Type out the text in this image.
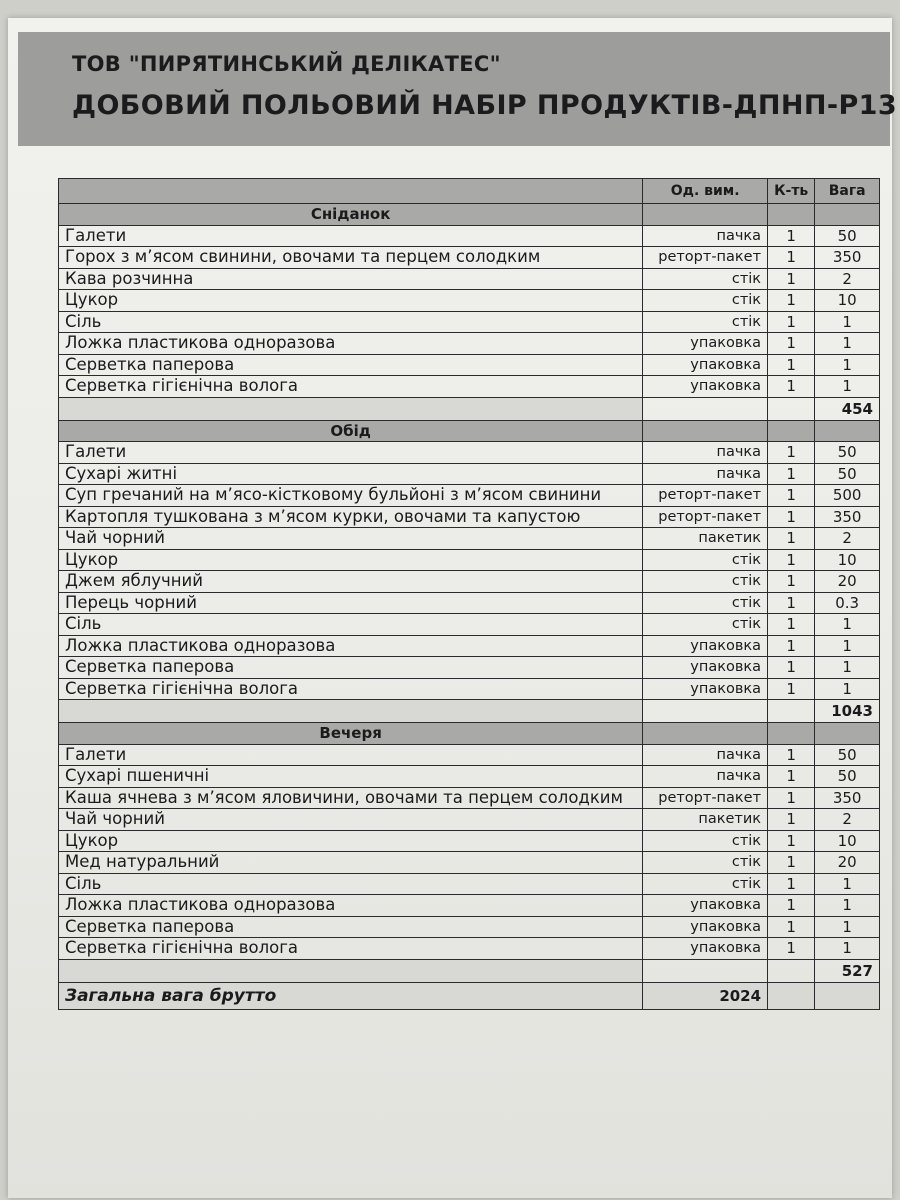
ТОВ "ПИРЯТИНСЬКИЙ ДЕЛІКАТЕС"
ДОБОВИЙ ПОЛЬОВИЙ НАБІР ПРОДУКТІВ-ДПНП-Р13
	Од. вим.	К-ть	Вага
Сніданок			
Галети	пачка	1	50
Горох з м’ясом свинини, овочами та перцем солодким	реторт-пакет	1	350
Кава розчинна	стік	1	2
Цукор	стік	1	10
Сіль	стік	1	1
Ложка пластикова одноразова	упаковка	1	1
Серветка паперова	упаковка	1	1
Серветка гігієнічна волога	упаковка	1	1
			454
Обід			
Галети	пачка	1	50
Сухарі житні	пачка	1	50
Суп гречаний на м’ясо-кістковому бульйоні з м’ясом свинини	реторт-пакет	1	500
Картопля тушкована з м’ясом курки, овочами та капустою	реторт-пакет	1	350
Чай чорний	пакетик	1	2
Цукор	стік	1	10
Джем яблучний	стік	1	20
Перець чорний	стік	1	0.3
Сіль	стік	1	1
Ложка пластикова одноразова	упаковка	1	1
Серветка паперова	упаковка	1	1
Серветка гігієнічна волога	упаковка	1	1
			1043
Вечеря			
Галети	пачка	1	50
Сухарі пшеничні	пачка	1	50
Каша ячнева з м’ясом яловичини, овочами та перцем солодким	реторт-пакет	1	350
Чай чорний	пакетик	1	2
Цукор	стік	1	10
Мед натуральний	стік	1	20
Сіль	стік	1	1
Ложка пластикова одноразова	упаковка	1	1
Серветка паперова	упаковка	1	1
Серветка гігієнічна волога	упаковка	1	1
			527
Загальна вага брутто	2024		
